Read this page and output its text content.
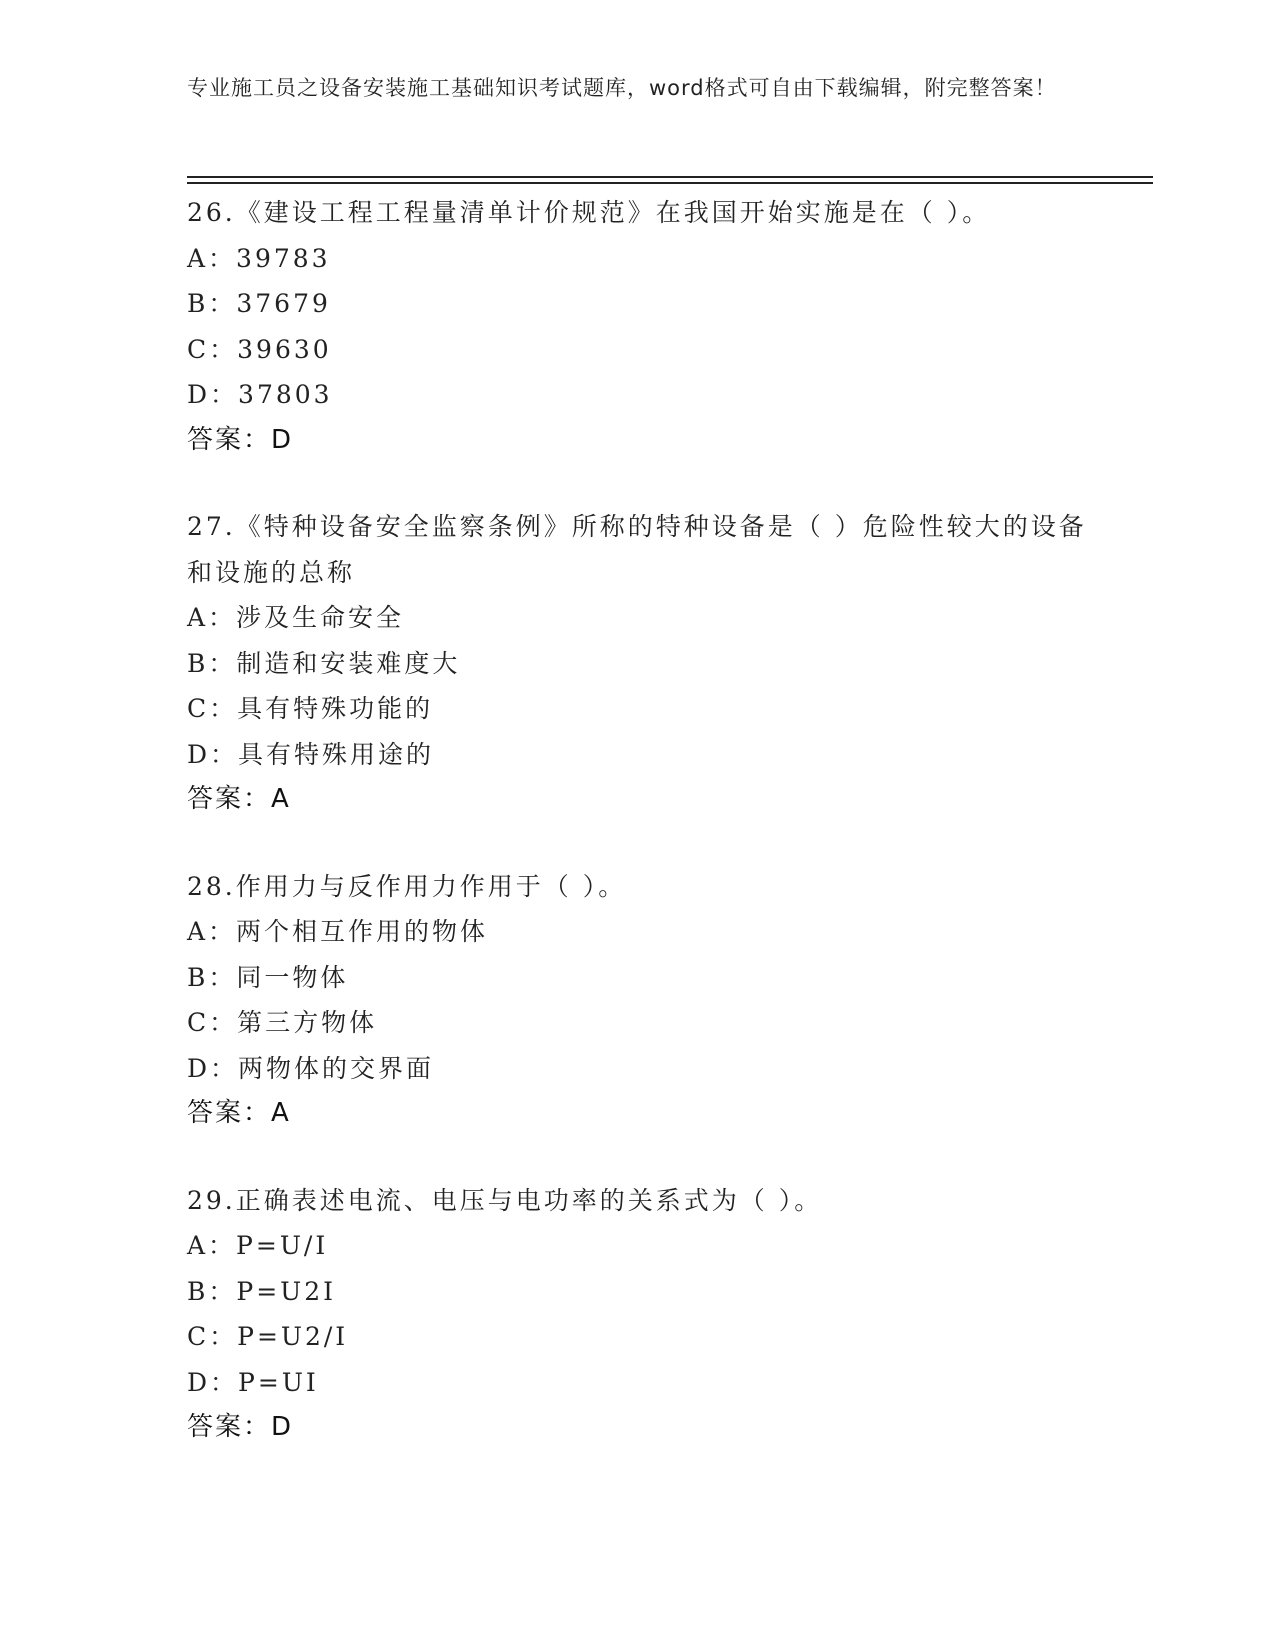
专业施工员之设备安装施工基础知识考试题库，word格式可自由下载编辑，附完整答案！
26.《建设工程工程量清单计价规范》在我国开始实施是在（ ）。
A：39783
B：37679
C：39630
D：37803
答案：D
27.《特种设备安全监察条例》所称的特种设备是（ ）危险性较大的设备和设施的总称
A：涉及生命安全
B：制造和安装难度大
C：具有特殊功能的
D：具有特殊用途的
答案：A
28.作用力与反作用力作用于（ ）。
A：两个相互作用的物体
B：同一物体
C：第三方物体
D：两物体的交界面
答案：A
29.正确表述电流、电压与电功率的关系式为（ ）。
A：P=U/I
B：P=U2I
C：P=U2/I
D：P=UI
答案：D
